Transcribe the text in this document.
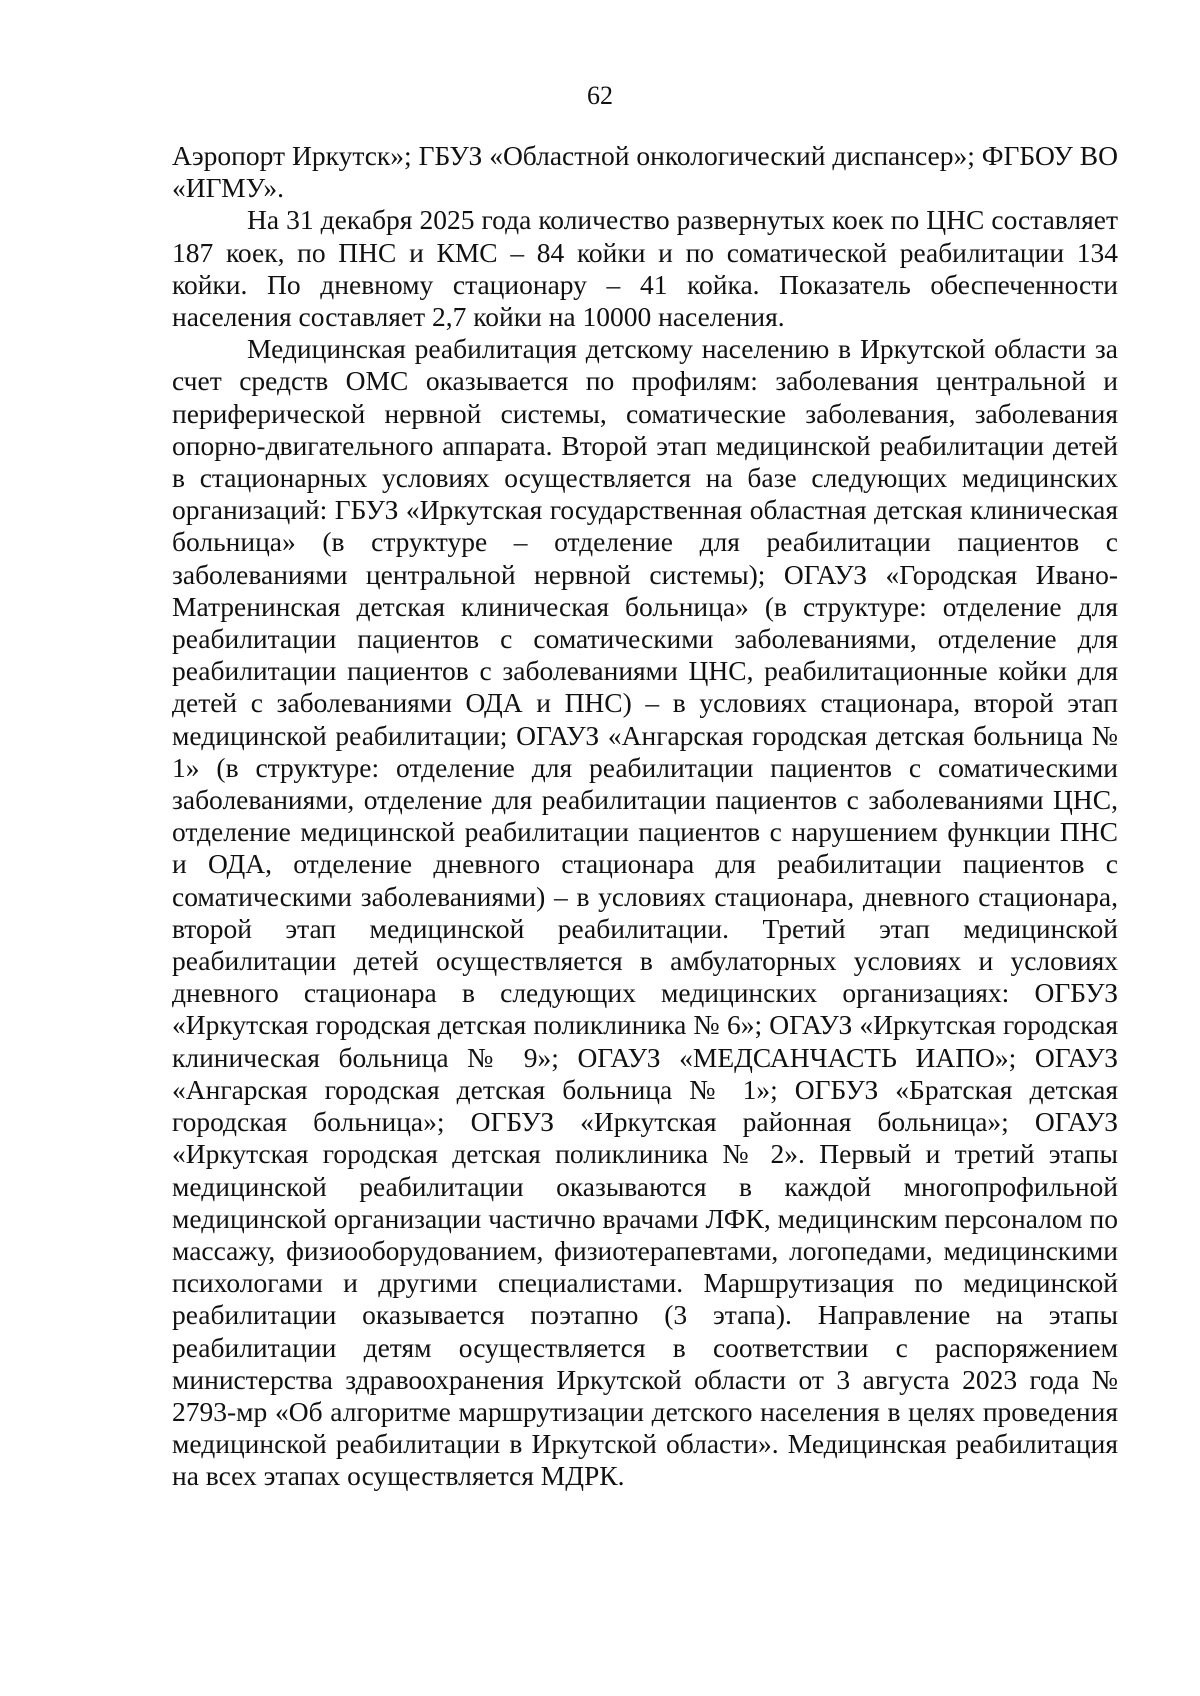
62

Аэропорт Иркутск»; ГБУЗ «Областной онкологический диспансер»; ФГБОУ ВО «ИГМУ».

На 31 декабря 2025 года количество развернутых коек по ЦНС составляет 187 коек, по ПНС и КМС – 84 койки и по соматической реабилитации 134 койки. По дневному стационару – 41 койка. Показатель обеспеченности населения составляет 2,7 койки на 10000 населения.

Медицинская реабилитация детскому населению в Иркутской области за счет средств ОМС оказывается по профилям: заболевания центральной и периферической нервной системы, соматические заболевания, заболевания опорно-двигательного аппарата. Второй этап медицинской реабилитации детей в стационарных условиях осуществляется на базе следующих медицинских организаций: ГБУЗ «Иркутская государственная областная детская клиническая больница» (в структуре – отделение для реабилитации пациентов с заболеваниями центральной нервной системы); ОГАУЗ «Городская Ивано-Матренинская детская клиническая больница» (в структуре: отделение для реабилитации пациентов с соматическими заболеваниями, отделение для реабилитации пациентов с заболеваниями ЦНС, реабилитационные койки для детей с заболеваниями ОДА и ПНС) – в условиях стационара, второй этап медицинской реабилитации; ОГАУЗ «Ангарская городская детская больница № 1» (в структуре: отделение для реабилитации пациентов с соматическими заболеваниями, отделение для реабилитации пациентов с заболеваниями ЦНС, отделение медицинской реабилитации пациентов с нарушением функции ПНС и ОДА, отделение дневного стационара для реабилитации пациентов с соматическими заболеваниями) – в условиях стационара, дневного стационара, второй этап медицинской реабилитации. Третий этап медицинской реабилитации детей осуществляется в амбулаторных условиях и условиях дневного стационара в следующих медицинских организациях: ОГБУЗ «Иркутская городская детская поликлиника № 6»; ОГАУЗ «Иркутская городская клиническая больница № 9»; ОГАУЗ «МЕДСАНЧАСТЬ ИАПО»; ОГАУЗ «Ангарская городская детская больница № 1»; ОГБУЗ «Братская детская городская больница»; ОГБУЗ «Иркутская районная больница»; ОГАУЗ «Иркутская городская детская поликлиника № 2». Первый и третий этапы медицинской реабилитации оказываются в каждой многопрофильной медицинской организации частично врачами ЛФК, медицинским персоналом по массажу, физиооборудованием, физиотерапевтами, логопедами, медицинскими психологами и другими специалистами. Маршрутизация по медицинской реабилитации оказывается поэтапно (3 этапа). Направление на этапы реабилитации детям осуществляется в соответствии с распоряжением министерства здравоохранения Иркутской области от 3 августа 2023 года № 2793-мр «Об алгоритме маршрутизации детского населения в целях проведения медицинской реабилитации в Иркутской области». Медицинская реабилитация на всех этапах осуществляется МДРК.
